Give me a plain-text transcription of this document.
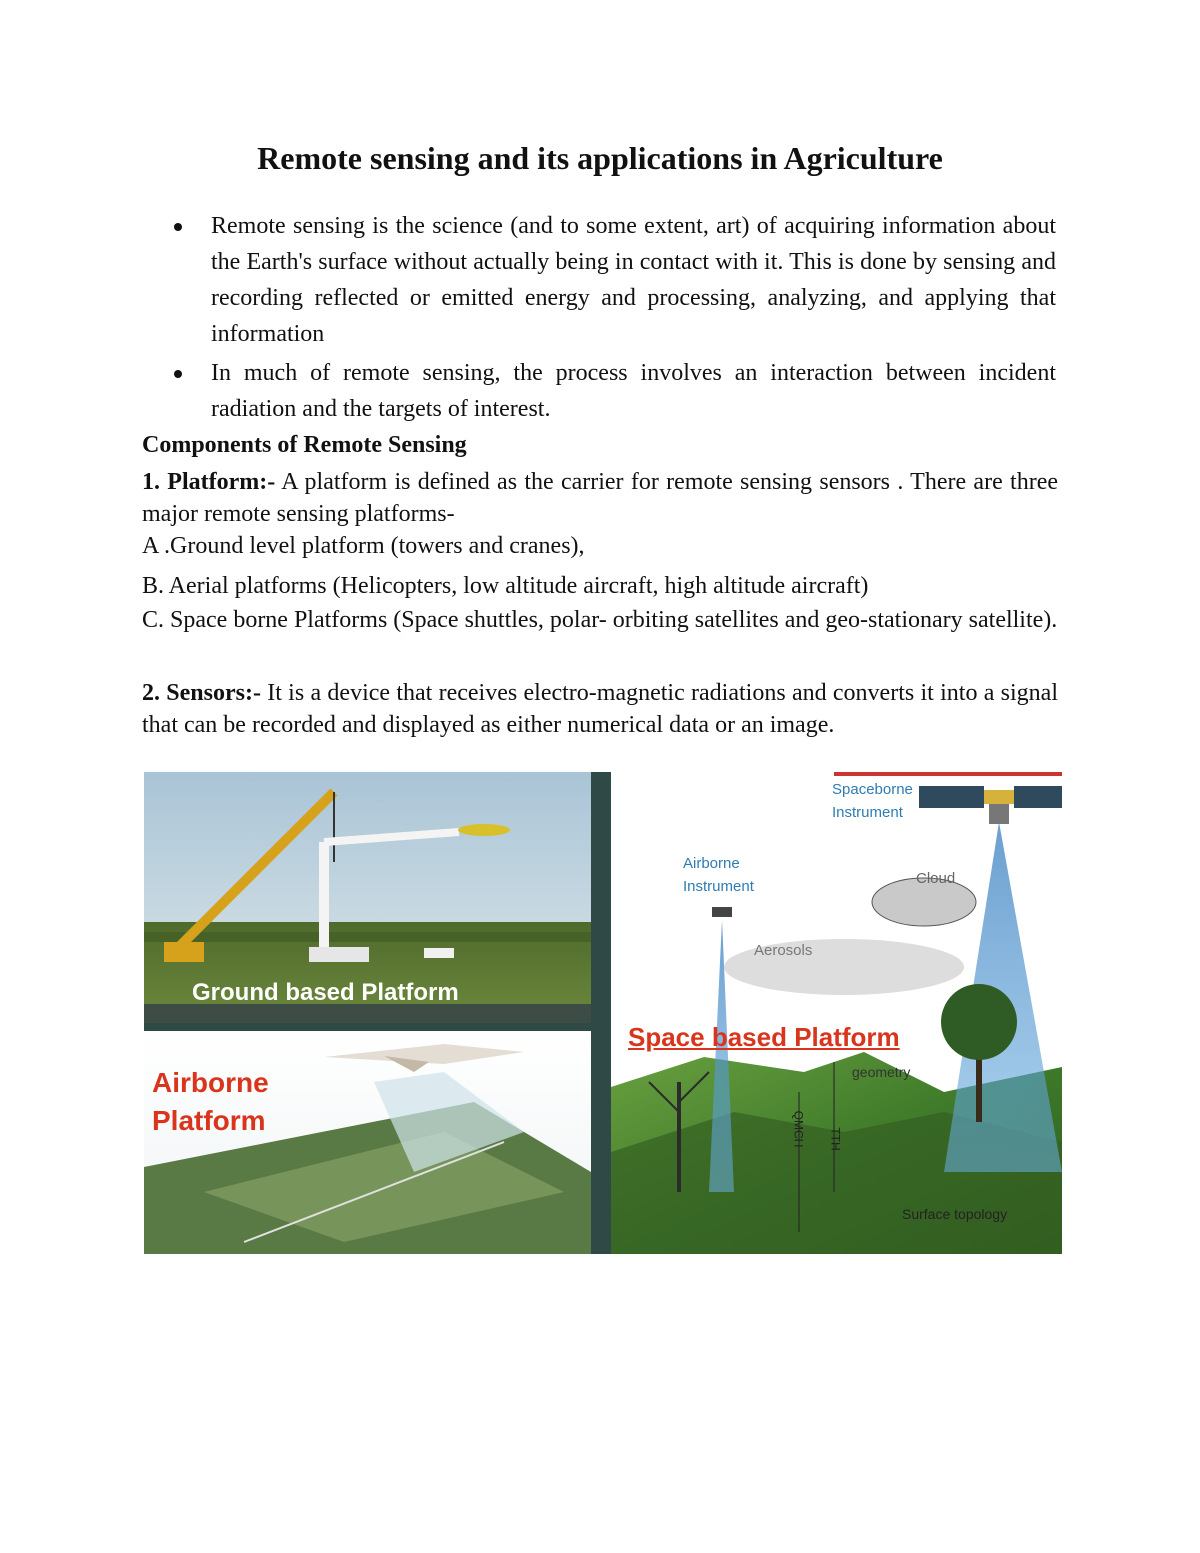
Remote sensing and its applications in Agriculture
Remote sensing is the science (and to some extent, art) of acquiring information about the Earth's surface without actually being in contact with it. This is done by sensing and recording reflected or emitted energy and processing, analyzing, and applying that information
In much of remote sensing, the process involves an interaction between incident radiation and the targets of interest.
Components of Remote Sensing
1. Platform:- A platform is defined as the carrier for remote sensing sensors . There are three major remote sensing platforms-
A .Ground level platform (towers and cranes),
B. Aerial platforms (Helicopters, low altitude aircraft, high altitude aircraft)
C. Space borne Platforms (Space shuttles, polar- orbiting satellites and geo-stationary satellite).
2. Sensors:- It is a device that receives electro-magnetic radiations and converts it into a signal that can be recorded and displayed as either numerical data or an image.
Ground based Platform
Airborne
Platform
Space based Platform
Spaceborne
Instrument
Airborne
Instrument	Cloud
Aerosols
geometry
Surface topology
QMCH TTH
